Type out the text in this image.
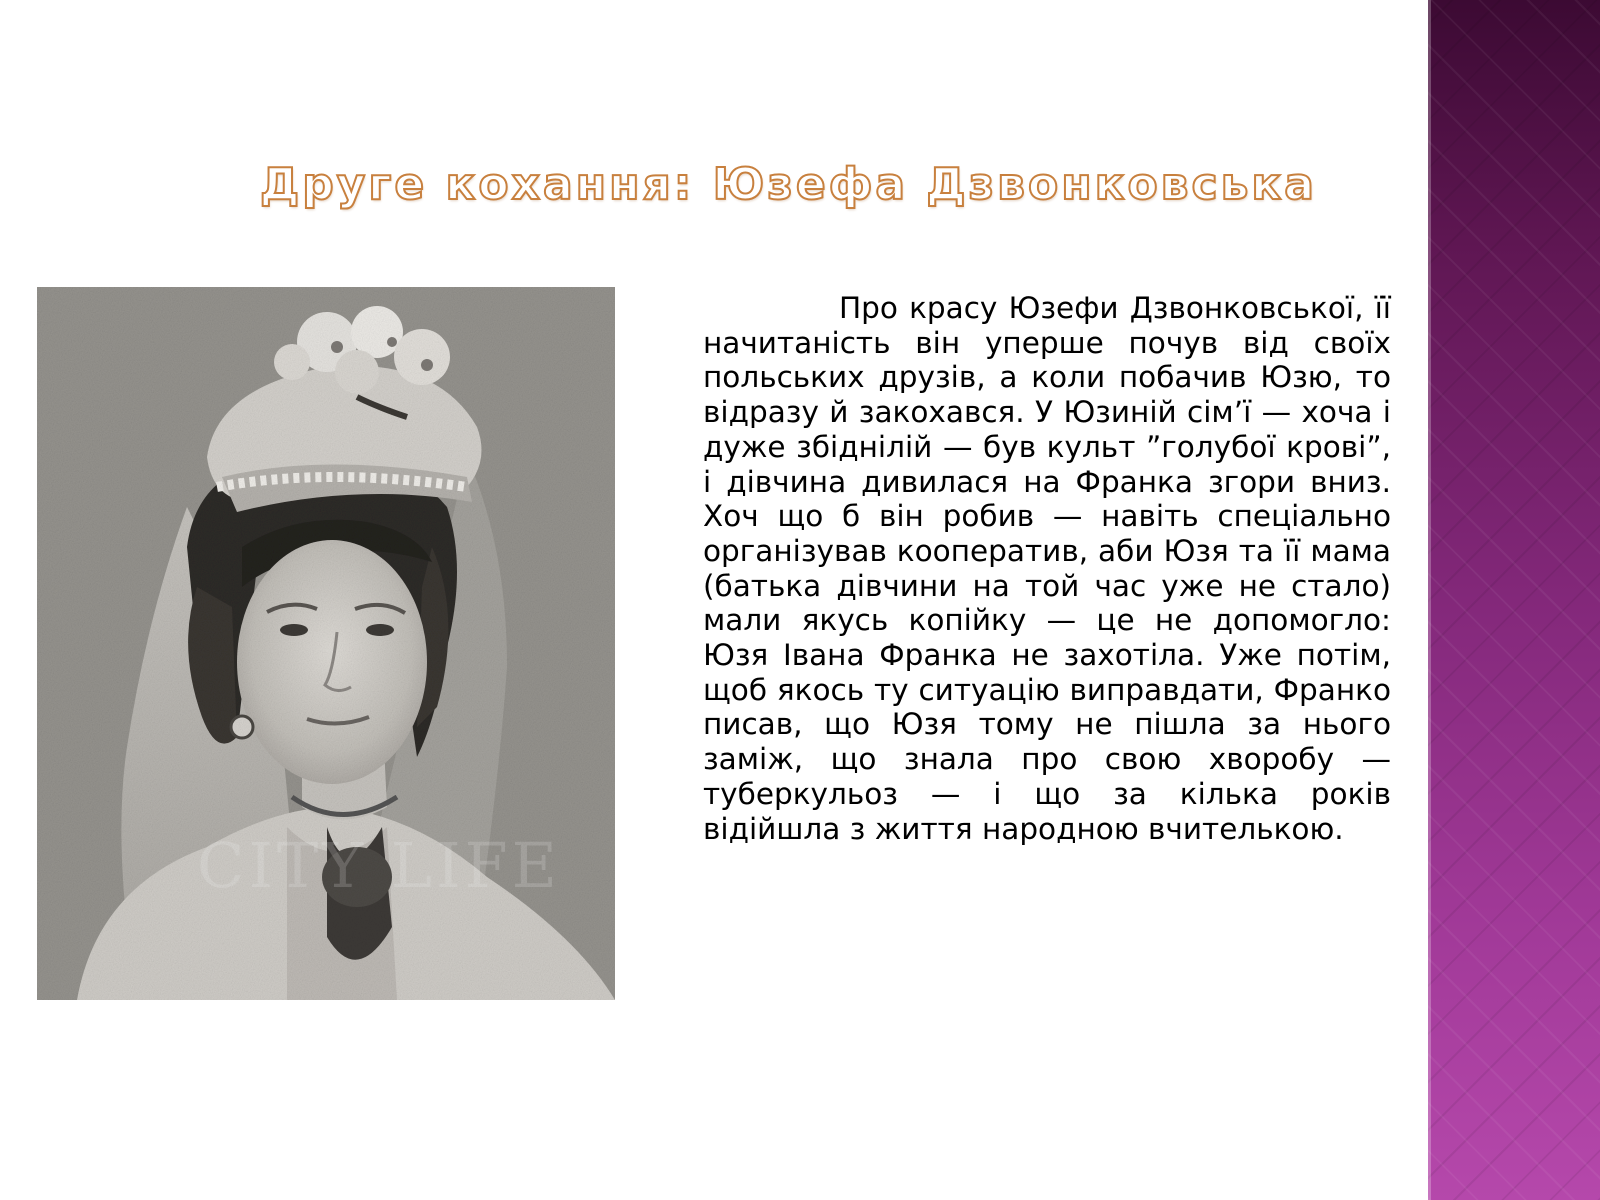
Друге кохання: Юзефа Дзвонковська
CITY LIFE

Про красу Юзефи Дзвонковської, її начитаність він уперше почув від своїх польських друзів, а коли побачив Юзю, то відразу й закохався. У Юзиній сім’ї — хоча і дуже збіднілій — був культ ”голубої крові”, і дівчина дивилася на Франка згори вниз. Хоч що б він робив — навіть спеціально організував кооператив, аби Юзя та її мама (батька дівчини на той час уже не стало) мали якусь копійку — це не допомогло: Юзя Івана Франка не захотіла. Уже потім, щоб якось ту ситуацію виправдати, Франко писав, що Юзя тому не пішла за нього заміж, що знала про свою хворобу — туберкульоз — і що за кілька років відійшла з життя народною вчителькою.
